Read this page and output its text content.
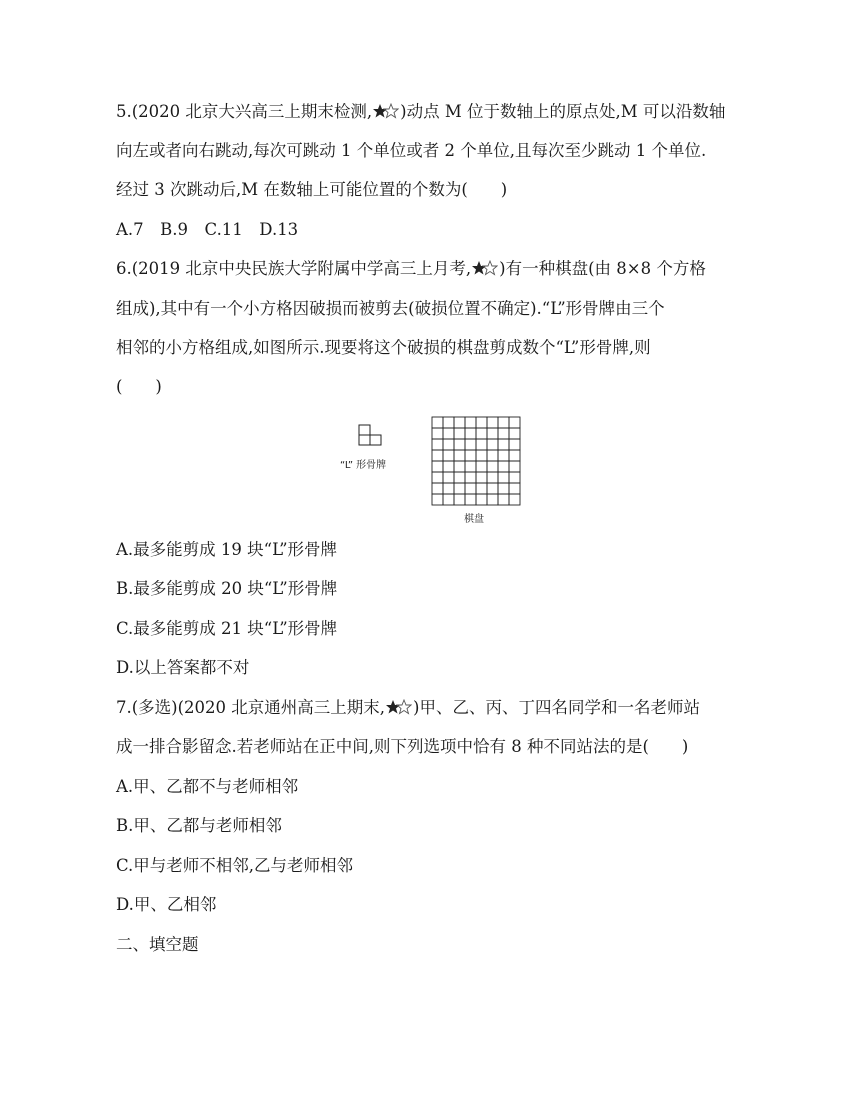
5.(2020 北京大兴高三上期末检测, )动点 M 位于数轴上的原点处,M 可以沿数轴
向左或者向右跳动,每次可跳动 1 个单位或者 2 个单位,且每次至少跳动 1 个单位.
经过 3 次跳动后,M 在数轴上可能位置的个数为(　　)
A.7　B.9　C.11　D.13
6.(2019 北京中央民族大学附属中学高三上月考, )有一种棋盘(由 8×8 个方格
组成),其中有一个小方格因破损而被剪去(破损位置不确定).“L”形骨牌由三个
相邻的小方格组成,如图所示.现要将这个破损的棋盘剪成数个“L”形骨牌,则
(　　)
“L” 形骨牌
棋盘
A.最多能剪成 19 块“L”形骨牌
B.最多能剪成 20 块“L”形骨牌
C.最多能剪成 21 块“L”形骨牌
D.以上答案都不对
7.(多选)(2020 北京通州高三上期末, )甲、乙、丙、丁四名同学和一名老师站
成一排合影留念.若老师站在正中间,则下列选项中恰有 8 种不同站法的是(　　)
A.甲、乙都不与老师相邻
B.甲、乙都与老师相邻
C.甲与老师不相邻,乙与老师相邻
D.甲、乙相邻
二、填空题
